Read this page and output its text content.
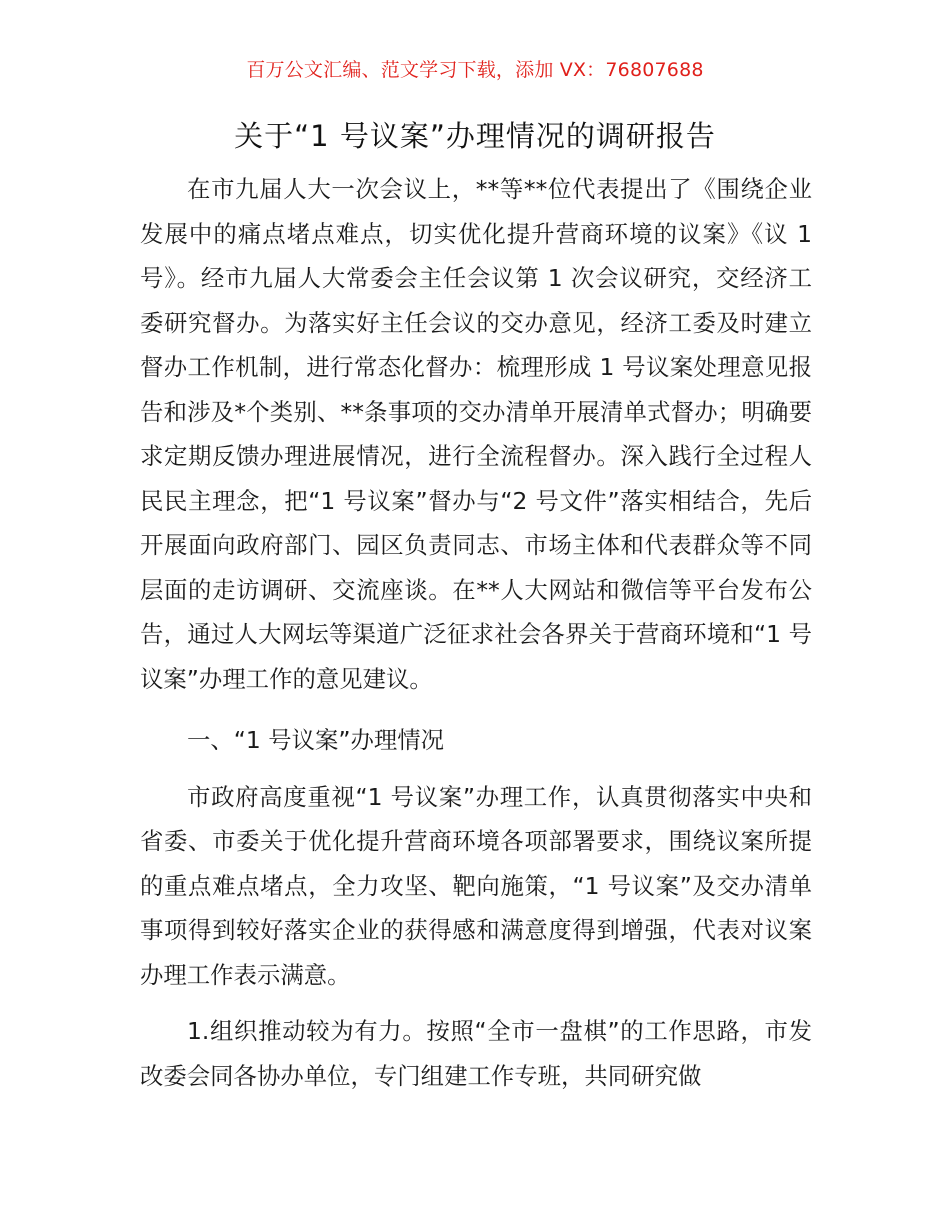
百万公文汇编、范文学习下载，添加 VX：76807688
关于“1 号议案”办理情况的调研报告

在市九届人大一次会议上，**等**位代表提出了《围绕企业发展中的痛点堵点难点，切实优化提升营商环境的议案》《议 1 号》。经市九届人大常委会主任会议第 1 次会议研究，交经济工委研究督办。为落实好主任会议的交办意见，经济工委及时建立督办工作机制，进行常态化督办：梳理形成 1 号议案处理意见报告和涉及*个类别、**条事项的交办清单开展清单式督办；明确要求定期反馈办理进展情况，进行全流程督办。深入践行全过程人民民主理念，把“1 号议案”督办与“2 号文件”落实相结合，先后开展面向政府部门、园区负责同志、市场主体和代表群众等不同层面的走访调研、交流座谈。在**人大网站和微信等平台发布公告，通过人大网坛等渠道广泛征求社会各界关于营商环境和“1 号议案”办理工作的意见建议。

一、“1 号议案”办理情况

市政府高度重视“1 号议案”办理工作，认真贯彻落实中央和省委、市委关于优化提升营商环境各项部署要求，围绕议案所提的重点难点堵点，全力攻坚、靶向施策，“1 号议案”及交办清单事项得到较好落实企业的获得感和满意度得到增强，代表对议案办理工作表示满意。

1.组织推动较为有力。按照“全市一盘棋”的工作思路，市发改委会同各协办单位，专门组建工作专班，共同研究做
